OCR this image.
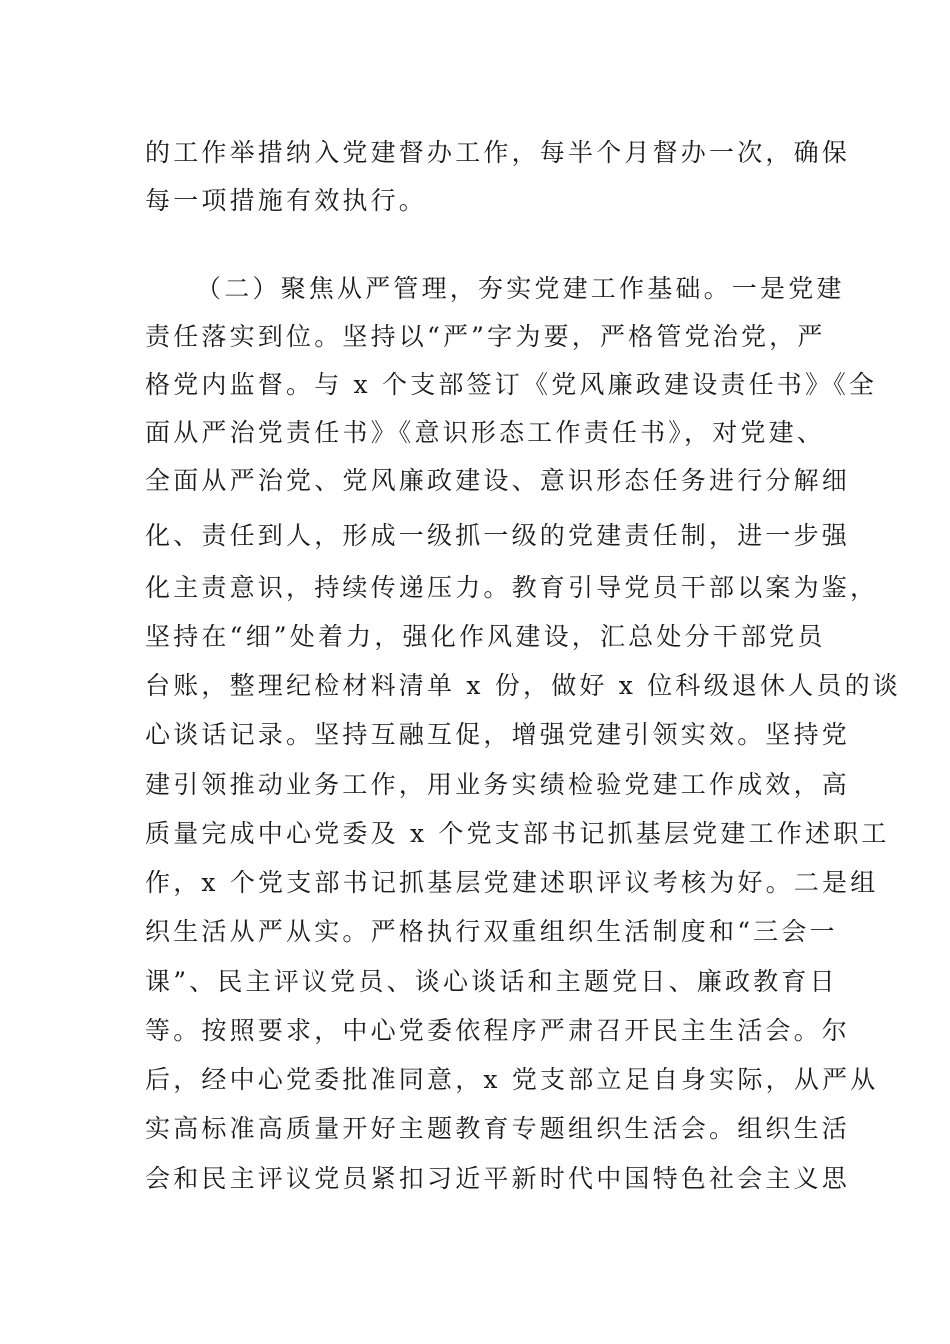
的工作举措纳入党建督办工作，每半个月督办一次，确保
每一项措施有效执行。
（二）聚焦从严管理，夯实党建工作基础。一是党建
责任落实到位。坚持以“严”字为要，严格管党治党，严
格党内监督。与 x 个支部签订《党风廉政建设责任书》《全
面从严治党责任书》《意识形态工作责任书》，对党建、
全面从严治党、党风廉政建设、意识形态任务进行分解细
化、责任到人，形成一级抓一级的党建责任制，进一步强
化主责意识，持续传递压力。教育引导党员干部以案为鉴，
坚持在“细”处着力，强化作风建设，汇总处分干部党员
台账，整理纪检材料清单 x 份，做好 x 位科级退休人员的谈
心谈话记录。坚持互融互促，增强党建引领实效。坚持党
建引领推动业务工作，用业务实绩检验党建工作成效，高
质量完成中心党委及 x 个党支部书记抓基层党建工作述职工
作，x 个党支部书记抓基层党建述职评议考核为好。二是组
织生活从严从实。严格执行双重组织生活制度和“三会一
课”、民主评议党员、谈心谈话和主题党日、廉政教育日
等。按照要求，中心党委依程序严肃召开民主生活会。尔
后，经中心党委批准同意，x 党支部立足自身实际，从严从
实高标准高质量开好主题教育专题组织生活会。组织生活
会和民主评议党员紧扣习近平新时代中国特色社会主义思
